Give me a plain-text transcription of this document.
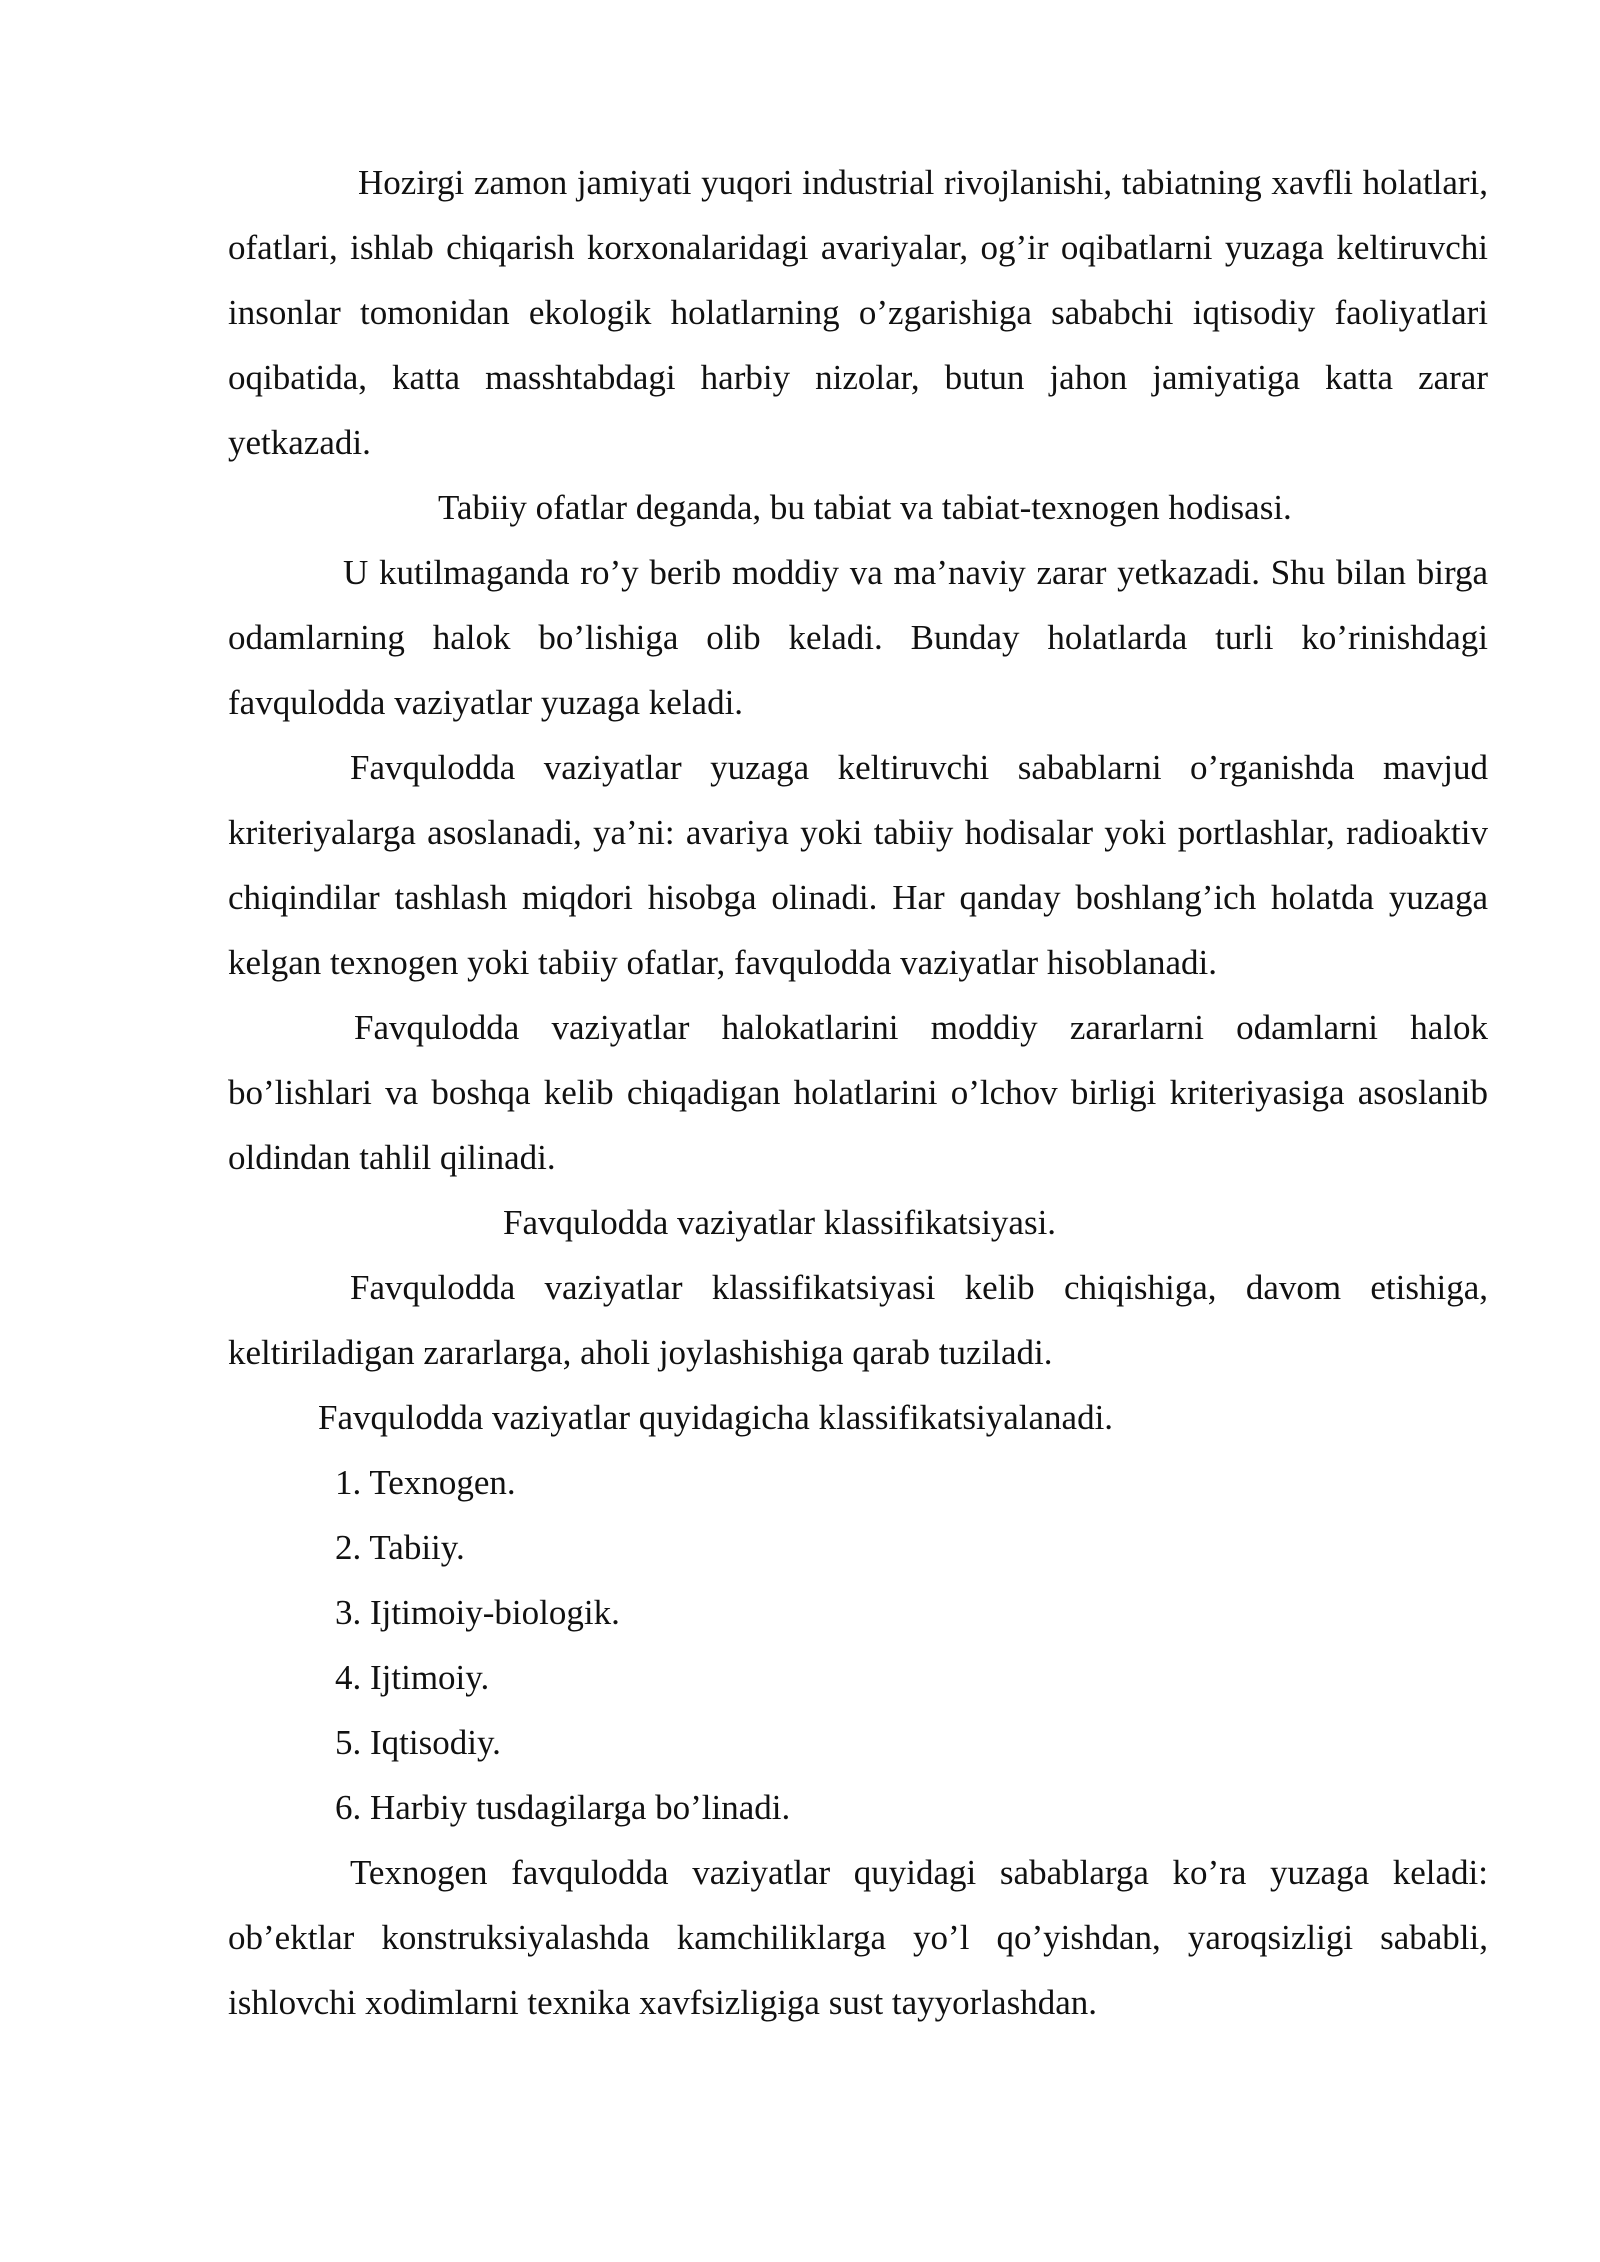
Hozirgi zamon jamiyati yuqori industrial rivojlanishi, tabiatning xavfli holatlari, ofatlari, ishlab chiqarish korxonalaridagi avariyalar, og’ir oqibatlarni yuzaga keltiruvchi insonlar tomonidan ekologik holatlarning o’zgarishiga sababchi iqtisodiy faoliyatlari oqibatida, katta masshtabdagi harbiy nizolar, butun jahon jamiyatiga katta zarar yetkazadi.

Tabiiy ofatlar deganda, bu tabiat va tabiat-texnogen hodisasi.

U kutilmaganda ro’y berib moddiy va ma’naviy zarar yetkazadi. Shu bilan birga odamlarning halok bo’lishiga olib keladi. Bunday holatlarda turli ko’rinishdagi favqulodda vaziyatlar yuzaga keladi.

Favqulodda vaziyatlar yuzaga keltiruvchi sabablarni o’rganishda mavjud kriteriyalarga asoslanadi, ya’ni: avariya yoki tabiiy hodisalar yoki portlashlar, radioaktiv chiqindilar tashlash miqdori hisobga olinadi. Har qanday boshlang’ich holatda yuzaga kelgan texnogen yoki tabiiy ofatlar, favqulodda vaziyatlar hisoblanadi.

Favqulodda vaziyatlar halokatlarini moddiy zararlarni odamlarni halok bo’lishlari va boshqa kelib chiqadigan holatlarini o’lchov birligi kriteriyasiga asoslanib oldindan tahlil qilinadi.

Favqulodda vaziyatlar klassifikatsiyasi.

Favqulodda vaziyatlar klassifikatsiyasi kelib chiqishiga, davom etishiga, keltiriladigan zararlarga, aholi joylashishiga qarab tuziladi.

Favqulodda vaziyatlar quyidagicha klassifikatsiyalanadi.

1. Texnogen.
2. Tabiiy.
3. Ijtimoiy-biologik.
4. Ijtimoiy.
5. Iqtisodiy.
6. Harbiy tusdagilarga bo’linadi.

Texnogen favqulodda vaziyatlar quyidagi sabablarga ko’ra yuzaga keladi: ob’ektlar konstruksiyalashda kamchiliklarga yo’l qo’yishdan, yaroqsizligi sababli, ishlovchi xodimlarni texnika xavfsizligiga sust tayyorlashdan.
